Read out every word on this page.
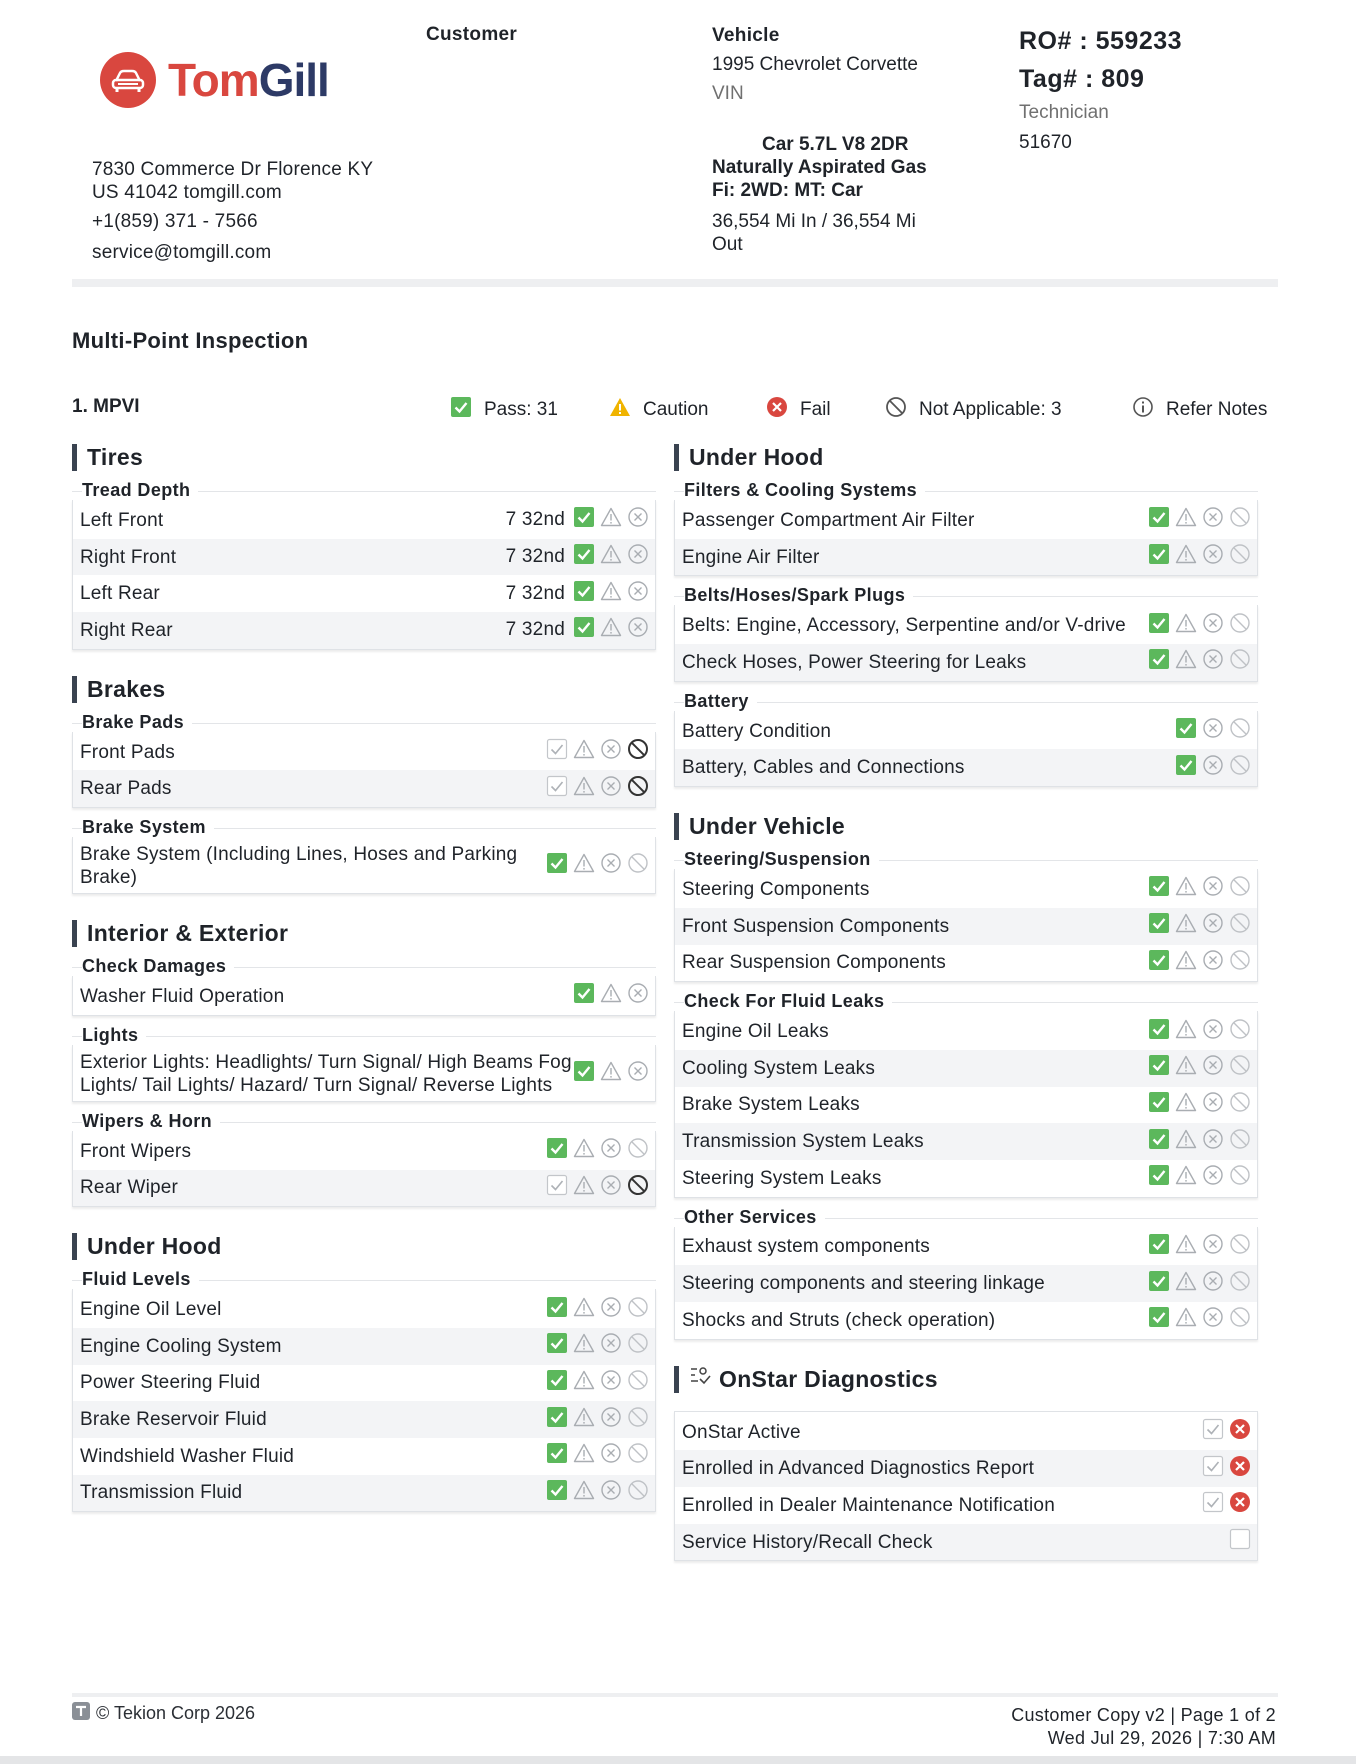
TomGill
7830 Commerce Dr Florence KY
US 41042 tomgill.com
+1(859) 371 - 7566
service@tomgill.com
Customer	Vehicle
1995 Chevrolet Corvette
VIN
Car 5.7L V8 2DR
Naturally Aspirated Gas
Fi: 2WD: MT: Car
36,554 Mi In / 36,554 Mi
Out
RO# : 559233
Tag# : 809
Technician
51670
Multi-Point Inspection
1. MPVI	Pass: 31	Caution	Fail	Not Applicable: 3	Refer Notes
Tires
Tread Depth
Left Front	7 32nd
Right Front	7 32nd
Left Rear	7 32nd
Right Rear	7 32nd
Brakes
Brake Pads
Front Pads
Rear Pads
Brake System
Brake System (Including Lines, Hoses and Parking Brake)
Interior & Exterior
Check Damages
Washer Fluid Operation
Lights
Exterior Lights: Headlights/ Turn Signal/ High Beams Fog Lights/ Tail Lights/ Hazard/ Turn Signal/ Reverse Lights
Wipers & Horn
Front Wipers
Rear Wiper
Under Hood
Fluid Levels
Engine Oil Level
Engine Cooling System
Power Steering Fluid
Brake Reservoir Fluid
Windshield Washer Fluid
Transmission Fluid
Under Hood
Filters & Cooling Systems
Passenger Compartment Air Filter
Engine Air Filter
Belts/Hoses/Spark Plugs
Belts: Engine, Accessory, Serpentine and/or V-drive
Check Hoses, Power Steering for Leaks
Battery
Battery Condition
Battery, Cables and Connections
Under Vehicle
Steering/Suspension
Steering Components
Front Suspension Components
Rear Suspension Components
Check For Fluid Leaks
Engine Oil Leaks
Cooling System Leaks
Brake System Leaks
Transmission System Leaks
Steering System Leaks
Other Services
Exhaust system components
Steering components and steering linkage
Shocks and Struts (check operation)
OnStar Diagnostics
OnStar Active
Enrolled in Advanced Diagnostics Report
Enrolled in Dealer Maintenance Notification
Service History/Recall Check
© Tekion Corp 2026	Customer Copy v2 | Page 1 of 2
Wed Jul 29, 2026 | 7:30 AM
